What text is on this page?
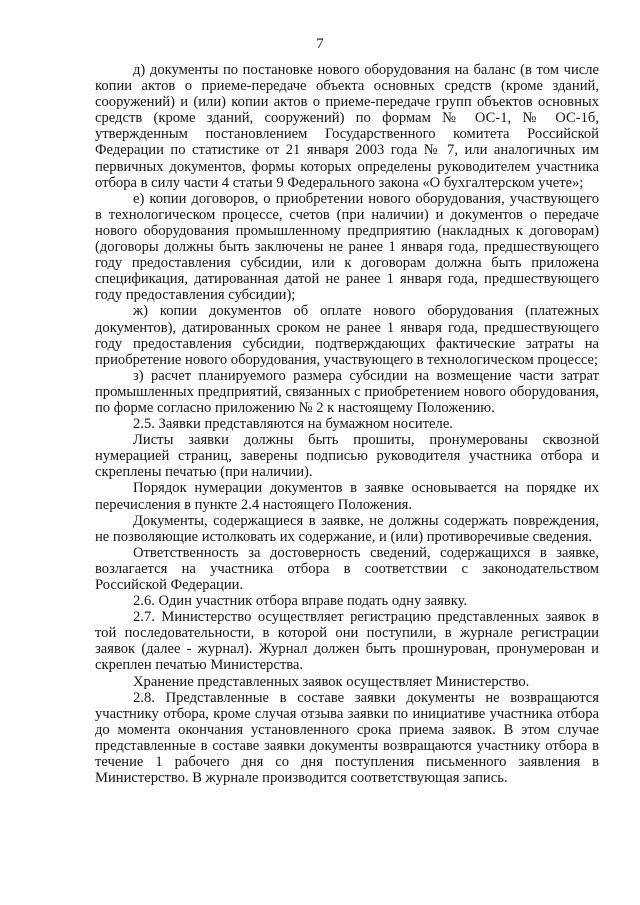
7

д) документы по постановке нового оборудования на баланс (в том числе копии актов о приеме-передаче объекта основных средств (кроме зданий, сооружений) и (или) копии актов о приеме-передаче групп объектов основных средств (кроме зданий, сооружений) по формам № ОС-1, № ОС-1б, утвержденным постановлением Государственного комитета Российской Федерации по статистике от 21 января 2003 года № 7, или аналогичных им первичных документов, формы которых определены руководителем участника отбора в силу части 4 статьи 9 Федерального закона «О бухгалтерском учете»;

е) копии договоров, о приобретении нового оборудования, участвующего в технологическом процессе, счетов (при наличии) и документов о передаче нового оборудования промышленному предприятию (накладных к договорам) (договоры должны быть заключены не ранее 1 января года, предшествующего году предоставления субсидии, или к договорам должна быть приложена спецификация, датированная датой не ранее 1 января года, предшествующего году предоставления субсидии);

ж) копии документов об оплате нового оборудования (платежных документов), датированных сроком не ранее 1 января года, предшествующего году предоставления субсидии, подтверждающих фактические затраты на приобретение нового оборудования, участвующего в технологическом процессе;

з) расчет планируемого размера субсидии на возмещение части затрат промышленных предприятий, связанных с приобретением нового оборудования, по форме согласно приложению № 2 к настоящему Положению.

2.5. Заявки представляются на бумажном носителе.

Листы заявки должны быть прошиты, пронумерованы сквозной нумерацией страниц, заверены подписью руководителя участника отбора и скреплены печатью (при наличии).

Порядок нумерации документов в заявке основывается на порядке их перечисления в пункте 2.4 настоящего Положения.

Документы, содержащиеся в заявке, не должны содержать повреждения, не позволяющие истолковать их содержание, и (или) противоречивые сведения.

Ответственность за достоверность сведений, содержащихся в заявке, возлагается на участника отбора в соответствии с законодательством Российской Федерации.

2.6. Один участник отбора вправе подать одну заявку.

2.7. Министерство осуществляет регистрацию представленных заявок в той последовательности, в которой они поступили, в журнале регистрации заявок (далее - журнал). Журнал должен быть прошнурован, пронумерован и скреплен печатью Министерства.

Хранение представленных заявок осуществляет Министерство.

2.8. Представленные в составе заявки документы не возвращаются участнику отбора, кроме случая отзыва заявки по инициативе участника отбора до момента окончания установленного срока приема заявок. В этом случае представленные в составе заявки документы возвращаются участнику отбора в течение 1 рабочего дня со дня поступления письменного заявления в Министерство. В журнале производится соответствующая запись.
